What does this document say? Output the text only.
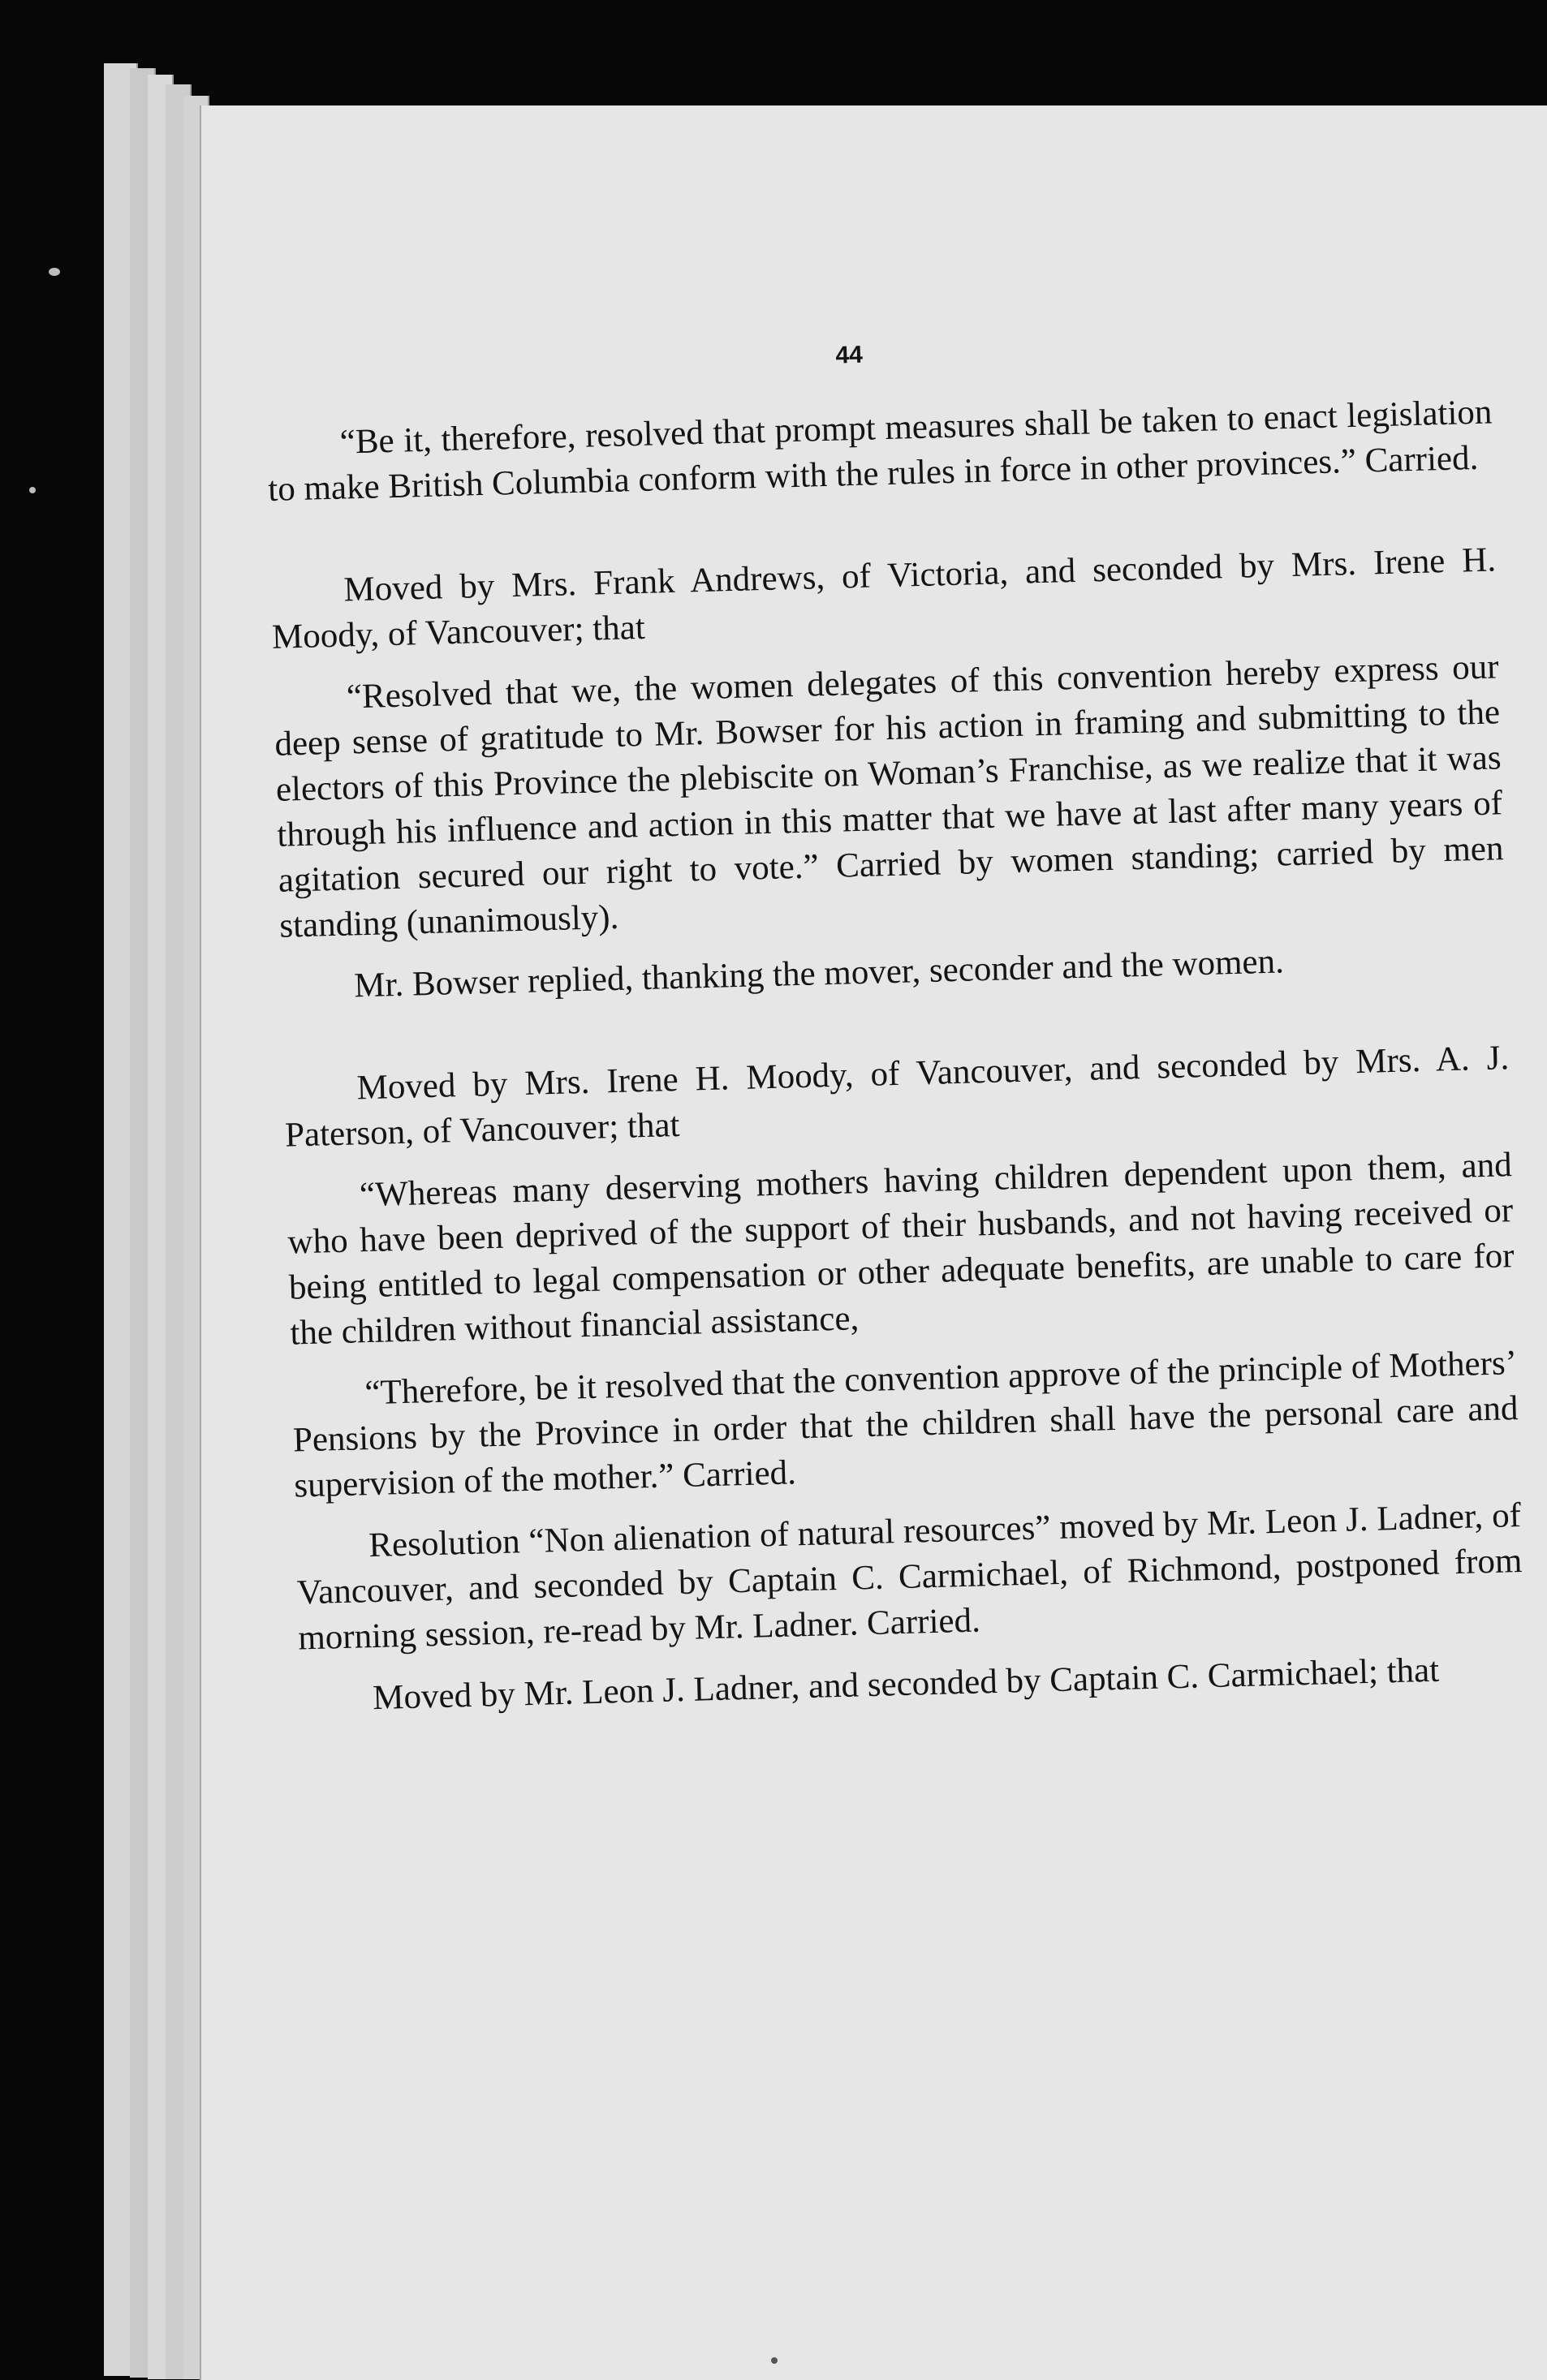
44

“Be it, therefore, resolved that prompt measures shall be taken to enact legislation to make British Columbia conform with the rules in force in other provinces.” Carried.

Moved by Mrs. Frank Andrews, of Victoria, and seconded by Mrs. Irene H. Moody, of Vancouver; that

“Resolved that we, the women delegates of this convention hereby express our deep sense of gratitude to Mr. Bowser for his action in framing and submitting to the electors of this Province the plebiscite on Woman’s Franchise, as we realize that it was through his influence and action in this matter that we have at last after many years of agitation secured our right to vote.” Carried by women standing; carried by men standing (unanimously).

Mr. Bowser replied, thanking the mover, seconder and the women.

Moved by Mrs. Irene H. Moody, of Vancouver, and seconded by Mrs. A. J. Paterson, of Vancouver; that

“Whereas many deserving mothers having children dependent upon them, and who have been deprived of the support of their husbands, and not having received or being entitled to legal compensation or other adequate benefits, are unable to care for the children without financial assistance,

“Therefore, be it resolved that the convention approve of the principle of Mothers’ Pensions by the Province in order that the children shall have the personal care and supervision of the mother.” Carried.

Resolution “Non alienation of natural resources” moved by Mr. Leon J. Ladner, of Vancouver, and seconded by Captain C. Carmichael, of Richmond, postponed from morning session, re-read by Mr. Ladner. Carried.

Moved by Mr. Leon J. Ladner, and seconded by Captain C. Carmichael; that
